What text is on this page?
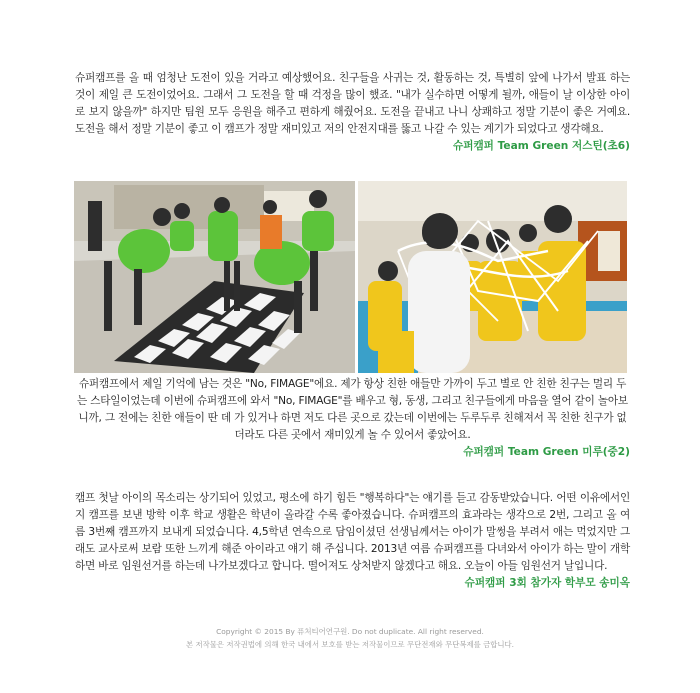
슈퍼캠프를 올 때 엄청난 도전이 있을 거라고 예상했어요. 친구들을 사귀는 것, 활동하는 것, 특별히 앞에 나가서 발표 하는 것이 제일 큰 도전이었어요. 그래서 그 도전을 할 때 걱정을 많이 했죠. "내가 실수하면 어떻게 될까, 애들이 날 이상한 아이로 보지 않을까" 하지만 팀원 모두 응원을 해주고 편하게 해줬어요. 도전을 끝내고 나니 상쾌하고 정말 기분이 좋은 거예요. 도전을 해서 정말 기분이 좋고 이 캠프가 정말 재미있고 저의 안전지대를 뚫고 나갈 수 있는 계기가 되었다고 생각해요.
슈퍼캠퍼 Team Green 저스틴(초6)
슈퍼캠프에서 제일 기억에 남는 것은 "No, FIMAGE"에요. 제가 항상 친한 애들만 가까이 두고 별로 안 친한 친구는 멀리 두는 스타일이었는데 이번에 슈퍼캠프에 와서 "No, FIMAGE"를 배우고 형, 동생, 그리고 친구들에게 마음을 열어 같이 놀아보니까, 그 전에는 친한 애들이 딴 데 가 있거나 하면 저도 다른 곳으로 갔는데 이번에는 두루두루 친해져서 꼭 친한 친구가 없더라도 다른 곳에서 재미있게 놀 수 있어서 좋았어요.
슈퍼캠퍼 Team Green 미루(중2)
캠프 첫날 아이의 목소리는 상기되어 있었고, 평소에 하기 힘든 "행복하다"는 얘기를 듣고 감동받았습니다. 어떤 이유에서인지 캠프를 보낸 방학 이후 학교 생활은 학년이 올라갈 수록 좋아졌습니다. 슈퍼캠프의 효과라는 생각으로 2번, 그리고 올 여름 3번째 캠프까지 보내게 되었습니다. 4,5학년 연속으로 담임이셨던 선생님께서는 아이가 말썽을 부려서 애는 먹었지만 그래도 교사로써 보람 또한 느끼게 해준 아이라고 얘기 해 주십니다. 2013년 여름 슈퍼캠프를 다녀와서 아이가 하는 말이 개학하면 바로 임원선거를 하는데 나가보겠다고 합니다. 떨어져도 상처받지 않겠다고 해요. 오늘이 아들 임원선거 날입니다.
슈퍼캠퍼 3회 참가자 학부모 송미옥
Copyright © 2015 By 퓨처티어연구원. Do not duplicate. All right reserved.
본 저작물은 저작권법에 의해 한국 내에서 보호를 받는 저작물이므로 무단전재와 무단복제를 금합니다.
